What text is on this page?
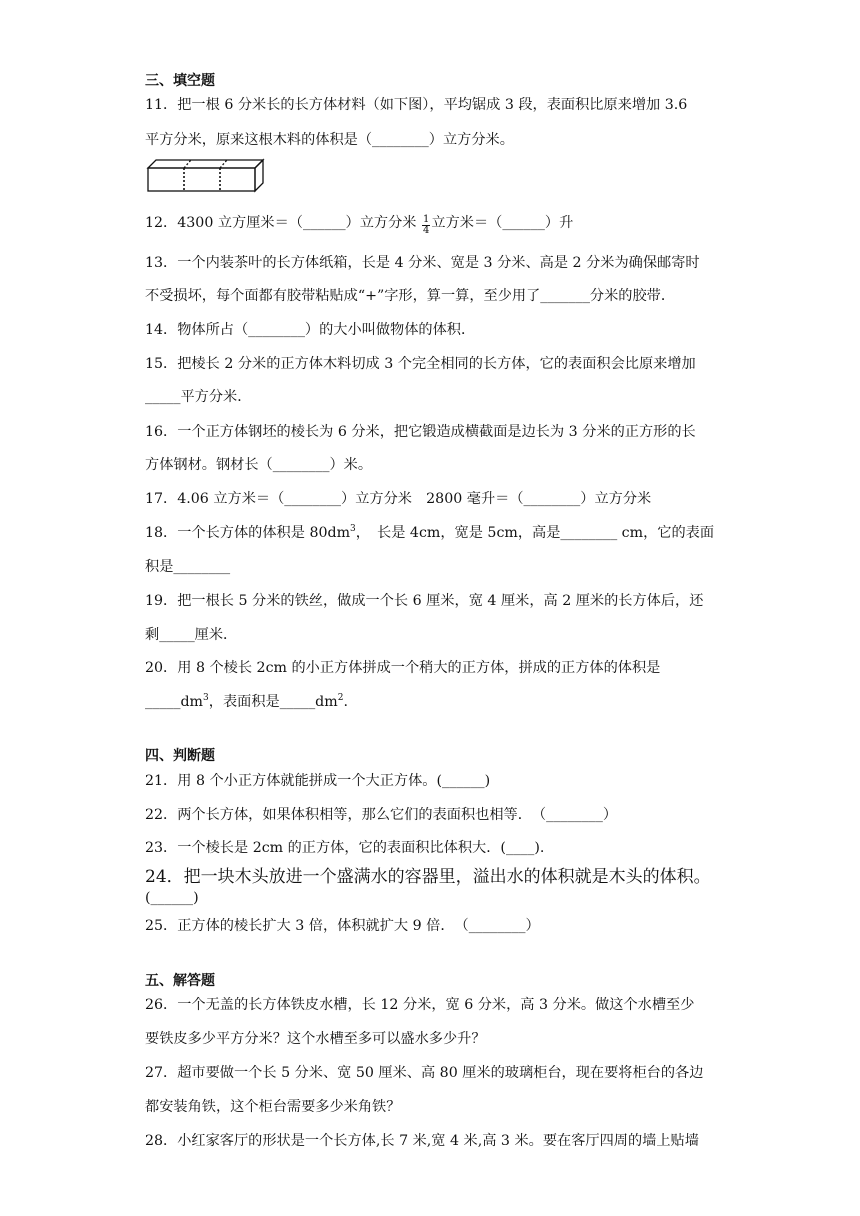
三、填空题
11．把一根 6 分米长的长方体材料（如下图），平均锯成 3 段，表面积比原来增加 3.6
平方分米，原来这根木料的体积是（________）立方分米。
12．4300 立方厘米＝（______）立方分米 $\frac{1}{4}$ 立方米＝（______）升
13．一个内装茶叶的长方体纸箱，长是 4 分米、宽是 3 分米、高是 2 分米为确保邮寄时
不受损坏，每个面都有胶带粘贴成“+”字形，算一算，至少用了_______分米的胶带．
14．物体所占（________）的大小叫做物体的体积．
15．把棱长 2 分米的正方体木料切成 3 个完全相同的长方体，它的表面积会比原来增加
_____平方分米．
16．一个正方体钢坯的棱长为 6 分米，把它锻造成横截面是边长为 3 分米的正方形的长
方体钢材。钢材长（________）米。
17．4.06 立方米＝（________）立方分米　2800 毫升＝（________）立方分米
18．一个长方体的体积是 $80dm^3$，　长是 4cm，宽是 5cm，高是________ cm，它的表面
积是________
19．把一根长 5 分米的铁丝，做成一个长 6 厘米，宽 4 厘米，高 2 厘米的长方体后，还
剩_____厘米．
20．用 8 个棱长 2cm 的小正方体拼成一个稍大的正方体，拼成的正方体的体积是
$\_\_\_\_\_dm^3$，表面积是$\_\_\_\_\_dm^2$.
四、判断题
21．用 8 个小正方体就能拼成一个大正方体。(______)
22．两个长方体，如果体积相等，那么它们的表面积也相等．　（________）
23．一个棱长是 2cm 的正方体，它的表面积比体积大．(____).
24．把一块木头放进一个盛满水的容器里，溢出水的体积就是木头的体积。
(______)
25．正方体的棱长扩大 3 倍，体积就扩大 9 倍．　（________）
五、解答题
26．一个无盖的长方体铁皮水槽，长 12 分米，宽 6 分米，高 3 分米。做这个水槽至少
要铁皮多少平方分米？这个水槽至多可以盛水多少升？
27．超市要做一个长 5 分米、宽 50 厘米、高 80 厘米的玻璃柜台，现在要将柜台的各边
都安装角铁，这个柜台需要多少米角铁？
28．小红家客厅的形状是一个长方体,长 7 米,宽 4 米,高 3 米。要在客厅四周的墙上贴墙
